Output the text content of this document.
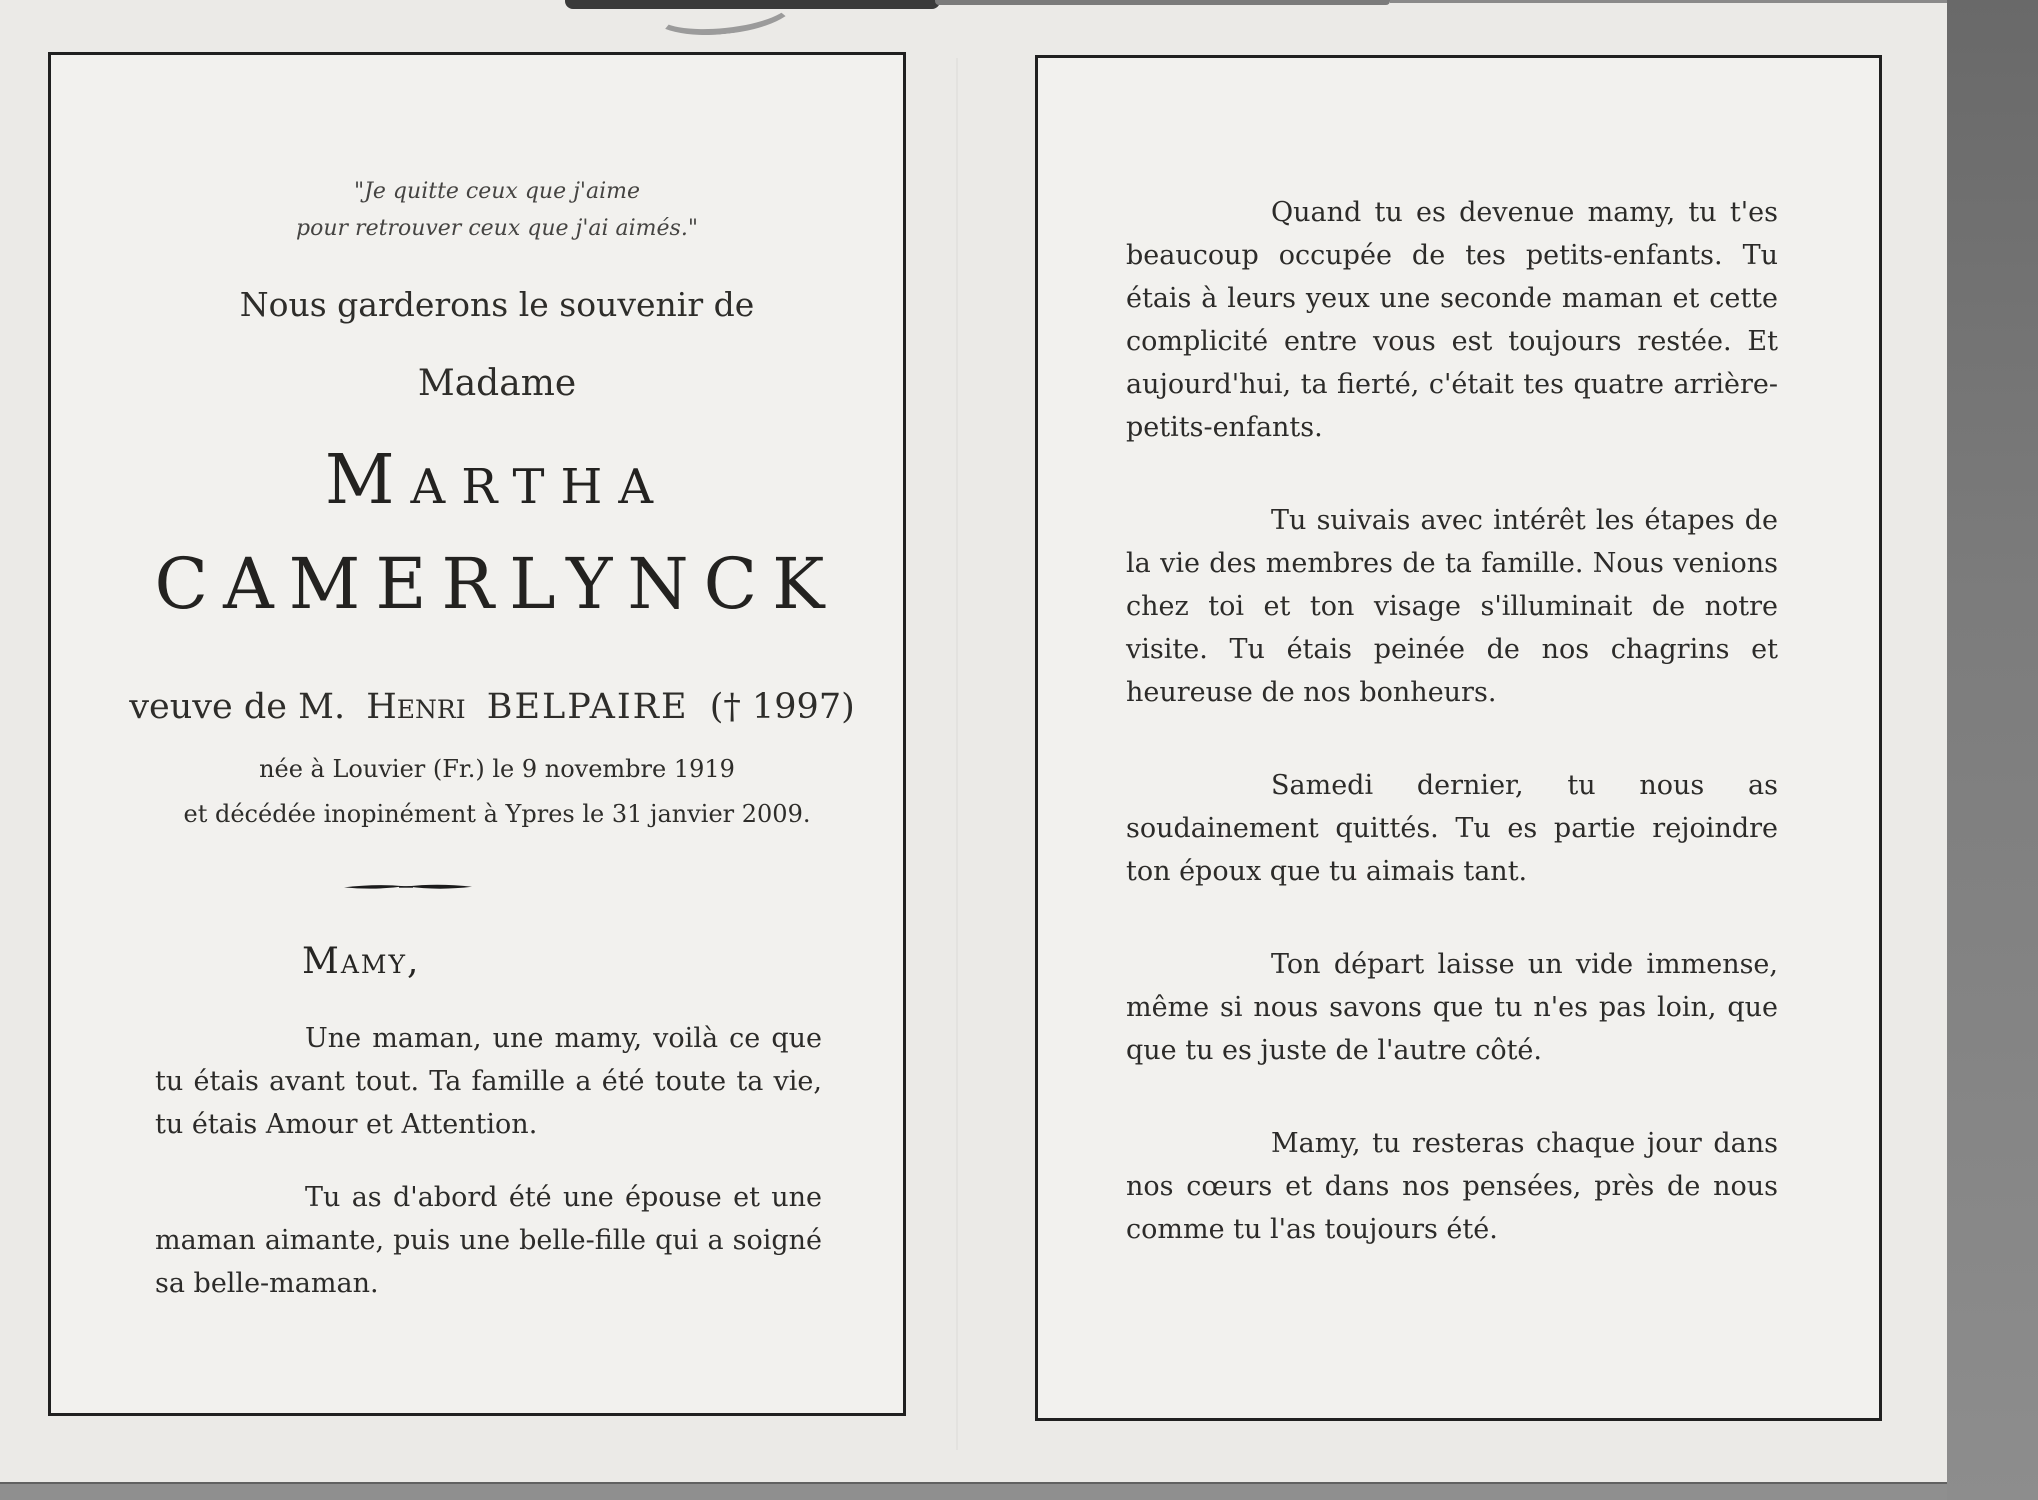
"Je quitte ceux que j'aime
pour retrouver ceux que j'ai aimés."
Nous garderons le souvenir de
Madame
Martha
CAMERLYNCK
veuve de M. Henri BELPAIRE († 1997)
née à Louvier (Fr.) le 9 novembre 1919
et décédée inopinément à Ypres le 31 janvier 2009.
Mamy,

Une maman, une mamy, voilà ce que tu étais avant tout. Ta famille a été toute ta vie, tu étais Amour et Attention.

Tu as d'abord été une épouse et une maman aimante, puis une belle-fille qui a soigné sa belle-maman.

Quand tu es devenue mamy, tu t'es beaucoup occupée de tes petits-enfants. Tu étais à leurs yeux une seconde maman et cette complicité entre vous est toujours restée. Et aujourd'hui, ta fierté, c'était tes quatre arrière-petits-enfants.

Tu suivais avec intérêt les étapes de la vie des membres de ta famille. Nous venions chez toi et ton visage s'illuminait de notre visite. Tu étais peinée de nos chagrins et heureuse de nos bonheurs.

Samedi dernier, tu nous as soudainement quittés. Tu es partie rejoindre ton époux que tu aimais tant.

Ton départ laisse un vide immense, même si nous savons que tu n'es pas loin, que que tu es juste de l'autre côté.

Mamy, tu resteras chaque jour dans nos cœurs et dans nos pensées, près de nous comme tu l'as toujours été.
